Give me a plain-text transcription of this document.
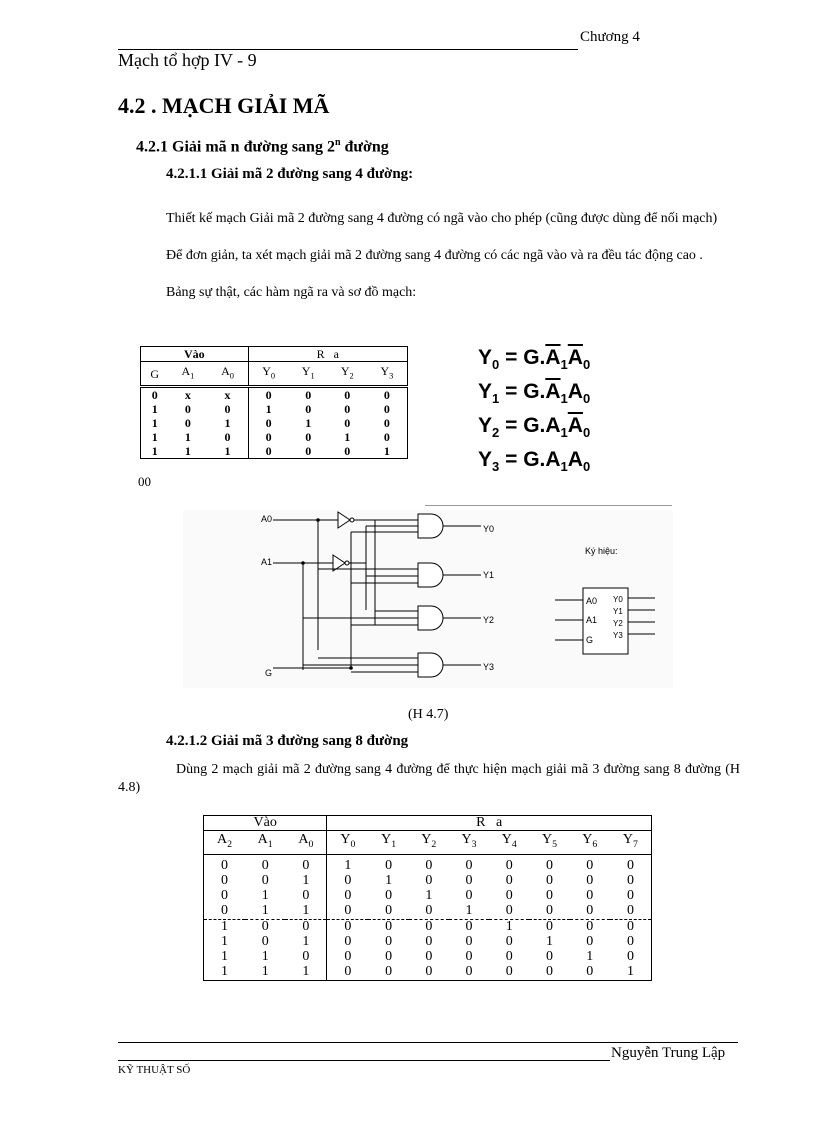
Chương 4
Mạch tổ hợp IV - 9
4.2 . MẠCH GIẢI MÃ
4.2.1 Giải mã n đường sang 2$^n$ đường
4.2.1.1 Giải mã 2 đường sang 4 đường:
Thiết kế mạch Giải mã 2 đường sang 4 đường có ngã vào cho phép (cũng được dùng để nối mạch)
Để đơn giản, ta xét mạch giải mã 2 đường sang 4 đường có các ngã vào và ra đều tác động cao .
Bảng sự thật, các hàm ngã ra và sơ đồ mạch:
Vào			R   a			
G	$A_1$	$A_0$	$Y_0$	$Y_1$	$Y_2$	$Y_3$
0	x	x	0	0	0	0
1	0	0	1	0	0	0
1	0	1	0	1	0	0
1	1	0	0	0	1	0
1	1	1	0	0	0	1
00
$Y_0 = G.\overline{A}_1\overline{A}_0$
$Y_1 = G.\overline{A}_1A_0$
$Y_2 = G.A_1\overline{A}_0$
$Y_3 = G.A_1A_0$
A0
A1
G
Y0
Y1
Y2
Y3
Ký hiệu:
A0
A1
G
Y0
Y1
Y2
Y3
(H 4.7)
4.2.1.2 Giải mã 3 đường sang 8 đường
Dùng 2 mạch giải mã 2 đường sang 4 đường để thực hiện mạch giải mã 3 đường sang 8 đường (H 4.8)
Vào			R   a							
$A_2$	$A_1$	$A_0$	$Y_0$	$Y_1$	$Y_2$	$Y_3$	$Y_4$	$Y_5$	$Y_6$	$Y_7$
0	0	0	1	0	0	0	0	0	0	0
0	0	1	0	1	0	0	0	0	0	0
0	1	0	0	0	1	0	0	0	0	0
0	1	1	0	0	0	1	0	0	0	0
1	0	0	0	0	0	0	1	0	0	0
1	0	1	0	0	0	0	0	1	0	0
1	1	0	0	0	0	0	0	0	1	0
1	1	1	0	0	0	0	0	0	0	1
Nguyễn Trung Lập
KỸ THUẬT SỐ
